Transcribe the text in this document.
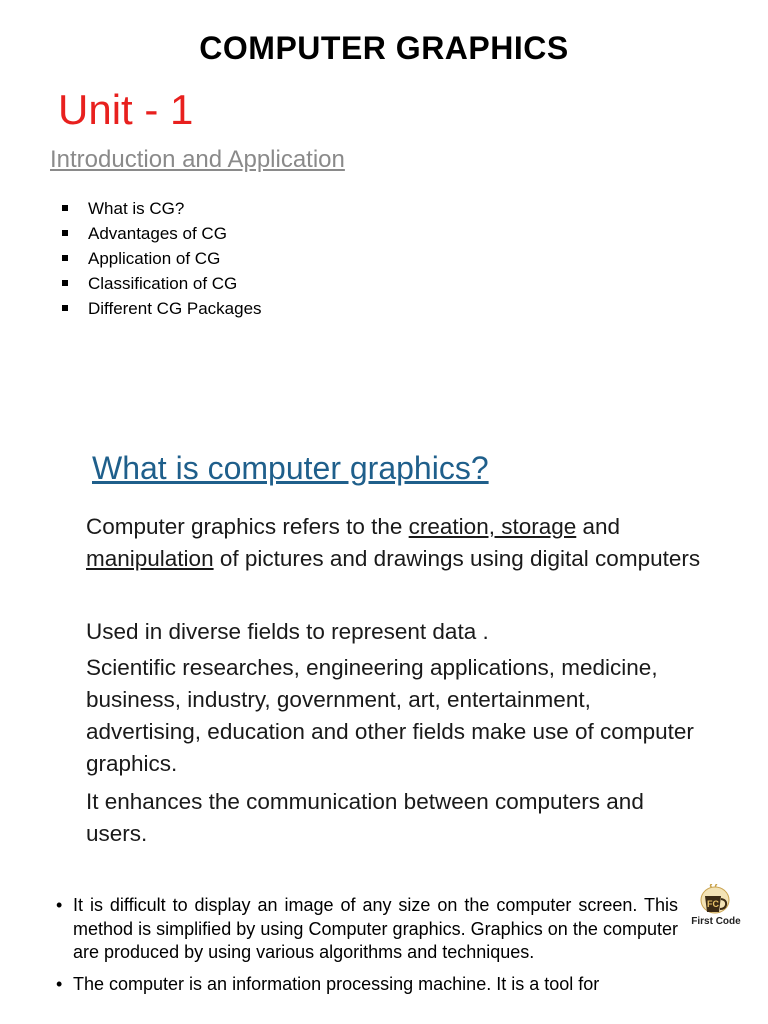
COMPUTER GRAPHICS
Unit - 1
Introduction and Application
What is CG?
Advantages of CG
Application of CG
Classification of CG
Different CG Packages
What is computer graphics?
Computer graphics refers to the creation, storage and manipulation of pictures and drawings using digital computers
Used in diverse fields to represent data .
Scientific researches, engineering applications, medicine, business, industry, government, art, entertainment, advertising, education and other fields make use of computer graphics.
It enhances the communication between computers and users.
• It is difficult to display an image of any size on the computer screen. This method is simplified by using Computer graphics. Graphics on the computer are produced by using various algorithms and techniques.
• The computer is an information processing machine. It is a tool for
FC
First Code
